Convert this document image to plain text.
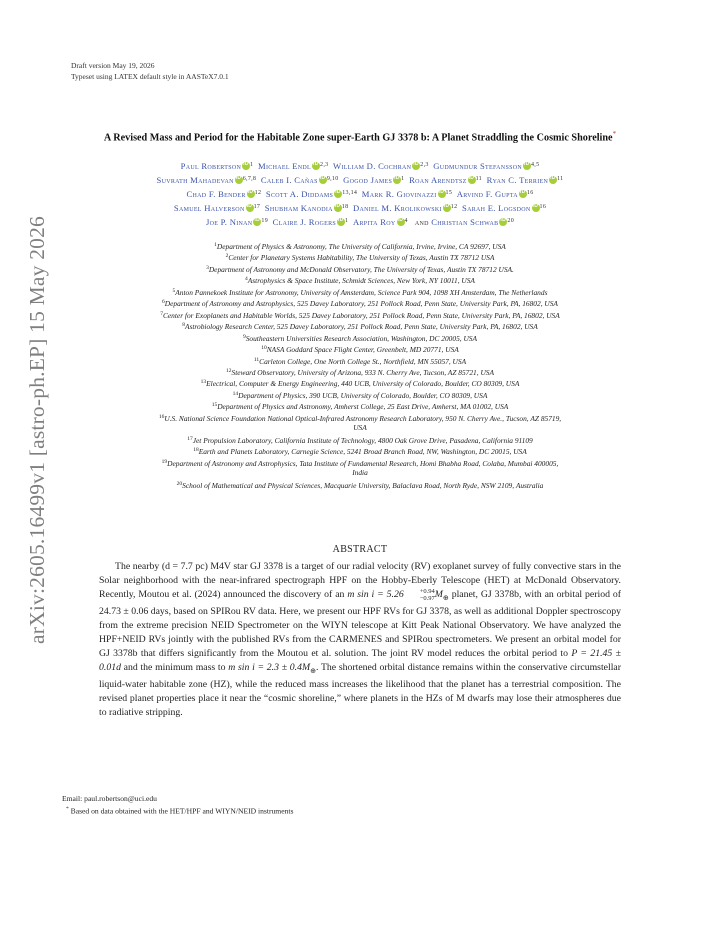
arXiv:2605.16499v1 [astro-ph.EP] 15 May 2026
Draft version May 19, 2026
Typeset using LATEX default style in AASTeX7.0.1
A Revised Mass and Period for the Habitable Zone super-Earth GJ 3378 b: A Planet Straddling the Cosmic Shoreline*
Paul Robertson iD $^1$  Michael Endl iD $^{2,3}$  William D. Cochran iD $^{2,3}$  Gudmundur Stefansson iD $^{4,5}$
Suvrath Mahadevan iD $^{6,7,8}$  Caleb I. Cañas iD $^{9,10}$  Gogod James iD $^1$  Roan Arendtsz iD $^{11}$  Ryan C. Terrien iD $^{11}$
Chad F. Bender iD $^{12}$  Scott A. Diddams iD $^{13,14}$  Mark R. Giovinazzi iD $^{15}$  Arvind F. Gupta iD $^{16}$
Samuel Halverson iD $^{17}$  Shubham Kanodia iD $^{18}$  Daniel M. Krolikowski iD $^{12}$  Sarah E. Logsdon iD $^{16}$
Joe P. Ninan iD $^{19}$  Claire J. Rogers iD $^1$  Arpita Roy iD $^4$  and Christian Schwab iD $^{20}$
$^1$Department of Physics & Astronomy, The University of California, Irvine, Irvine, CA 92697, USA
$^2$Center for Planetary Systems Habitability, The University of Texas, Austin TX 78712 USA
$^3$Department of Astronomy and McDonald Observatory, The University of Texas, Austin TX 78712 USA.
$^4$Astrophysics & Space Institute, Schmidt Sciences, New York, NY 10011, USA
$^5$Anton Pannekoek Institute for Astronomy, University of Amsterdam, Science Park 904, 1098 XH Amsterdam, The Netherlands
$^6$Department of Astronomy and Astrophysics, 525 Davey Laboratory, 251 Pollock Road, Penn State, University Park, PA, 16802, USA
$^7$Center for Exoplanets and Habitable Worlds, 525 Davey Laboratory, 251 Pollock Road, Penn State, University Park, PA, 16802, USA
$^8$Astrobiology Research Center, 525 Davey Laboratory, 251 Pollock Road, Penn State, University Park, PA, 16802, USA
$^9$Southeastern Universities Research Association, Washington, DC 20005, USA
$^{10}$NASA Goddard Space Flight Center, Greenbelt, MD 20771, USA
$^{11}$Carleton College, One North College St., Northfield, MN 55057, USA
$^{12}$Steward Observatory, University of Arizona, 933 N. Cherry Ave, Tucson, AZ 85721, USA
$^{13}$Electrical, Computer & Energy Engineering, 440 UCB, University of Colorado, Boulder, CO 80309, USA
$^{14}$Department of Physics, 390 UCB, University of Colorado, Boulder, CO 80309, USA
$^{15}$Department of Physics and Astronomy, Amherst College, 25 East Drive, Amherst, MA 01002, USA
$^{16}$U.S. National Science Foundation National Optical-Infrared Astronomy Research Laboratory, 950 N. Cherry Ave., Tucson, AZ 85719,
USA
$^{17}$Jet Propulsion Laboratory, California Institute of Technology, 4800 Oak Grove Drive, Pasadena, California 91109
$^{18}$Earth and Planets Laboratory, Carnegie Science, 5241 Broad Branch Road, NW, Washington, DC 20015, USA
$^{19}$Department of Astronomy and Astrophysics, Tata Institute of Fundamental Research, Homi Bhabha Road, Colaba, Mumbai 400005,
India
$^{20}$School of Mathematical and Physical Sciences, Macquarie University, Balaclava Road, North Ryde, NSW 2109, Australia
ABSTRACT
The nearby (d = 7.7 pc) M4V star GJ 3378 is a target of our radial velocity (RV) exoplanet survey of fully convective stars in the Solar neighborhood with the near-infrared spectrograph HPF on the Hobby-Eberly Telescope (HET) at McDonald Observatory. Recently, Moutou et al. (2024) announced the discovery of an m sin i = 5.26	+0.94
−0.97 $M_\oplus$ planet, GJ 3378b, with an orbital period of 24.73 ± 0.06 days, based on SPIRou RV data. Here, we present our HPF RVs for GJ 3378, as well as additional Doppler spectroscopy from the extreme precision NEID Spectrometer on the WIYN telescope at Kitt Peak National Observatory. We have analyzed the HPF+NEID RVs jointly with the published RVs from the CARMENES and SPIRou spectrometers. We present an orbital model for GJ 3378b that differs significantly from the Moutou et al. solution. The joint RV model reduces the orbital period to P = 21.45 ± 0.01d and the minimum mass to m $\sin i = 2.3 \pm 0.4M_\oplus$. The shortened orbital distance remains within the conservative circumstellar liquid-water habitable zone (HZ), while the reduced mass increases the likelihood that the planet has a terrestrial composition. The revised planet properties place it near the “cosmic shoreline,” where planets in the HZs of M dwarfs may lose their atmospheres due to radiative stripping.
Email: paul.robertson@uci.edu
* Based on data obtained with the HET/HPF and WIYN/NEID instruments
